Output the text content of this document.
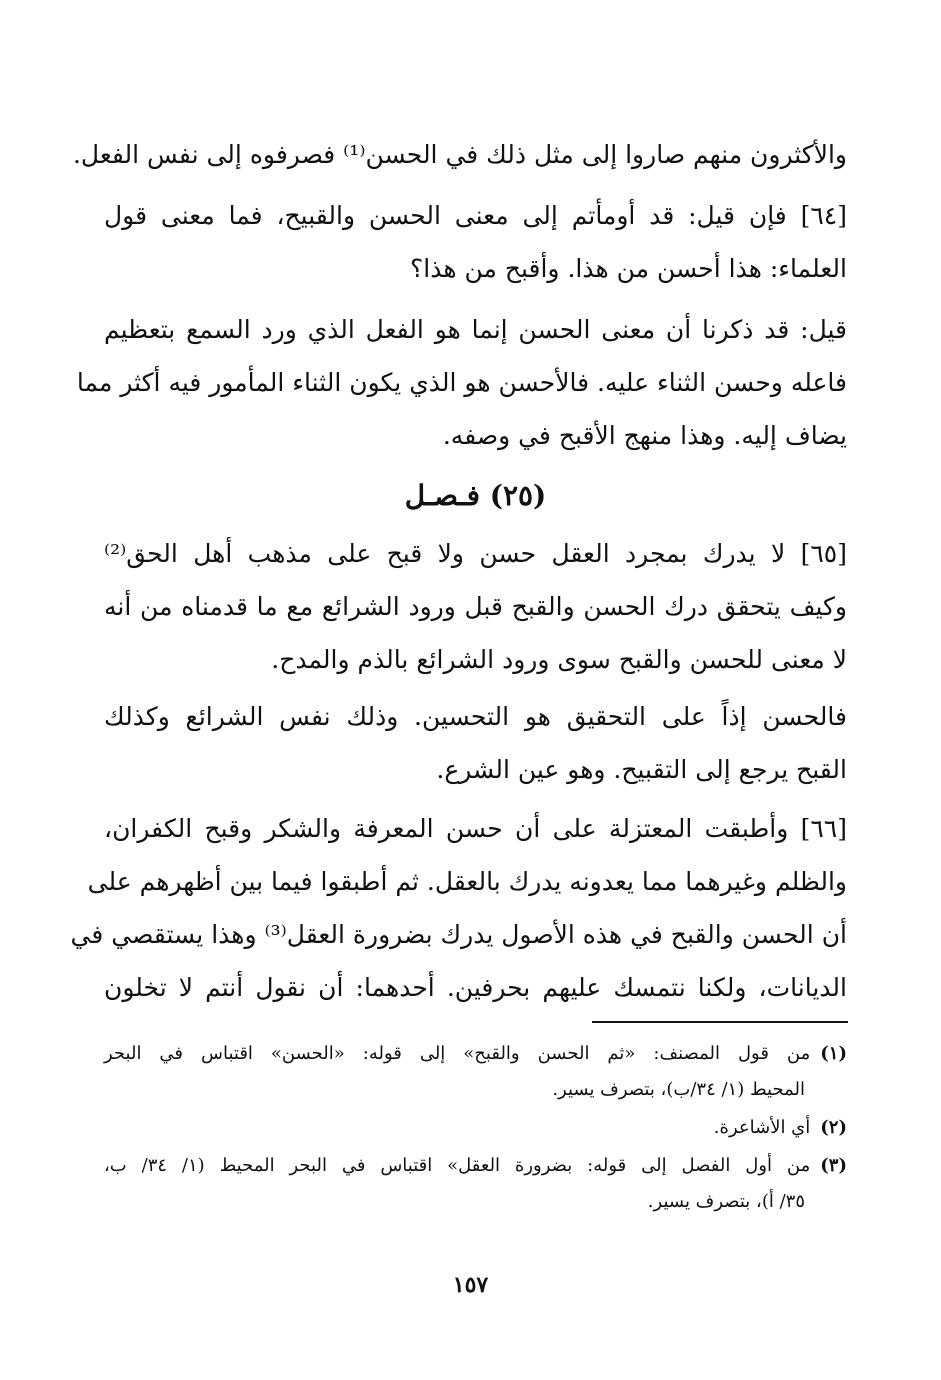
والأكثرون منهم صاروا إلى مثل ذلك في الحسن⁽¹⁾ فصرفوه إلى نفس الفعل.
[٦٤] فإن قيل: قد أومأتم إلى معنى الحسن والقبيح، فما معنى قول
العلماء: هذا أحسن من هذا. وأقبح من هذا؟
قيل: قد ذكرنا أن معنى الحسن إنما هو الفعل الذي ورد السمع بتعظيم
فاعله وحسن الثناء عليه. فالأحسن هو الذي يكون الثناء المأمور فيه أكثر مما
يضاف إليه. وهذا منهج الأقبح في وصفه.
(٢٥) فـصـل
[٦٥] لا يدرك بمجرد العقل حسن ولا قبح على مذهب أهل الحق⁽²⁾
وكيف يتحقق درك الحسن والقبح قبل ورود الشرائع مع ما قدمناه من أنه
لا معنى للحسن والقبح سوى ورود الشرائع بالذم والمدح.
فالحسن إذاً على التحقيق هو التحسين. وذلك نفس الشرائع وكذلك
القبح يرجع إلى التقبيح. وهو عين الشرع.
[٦٦] وأطبقت المعتزلة على أن حسن المعرفة والشكر وقبح الكفران،
والظلم وغيرهما مما يعدونه يدرك بالعقل. ثم أطبقوا فيما بين أظهرهم على
أن الحسن والقبح في هذه الأصول يدرك بضرورة العقل⁽³⁾ وهذا يستقصي في
الديانات، ولكنا نتمسك عليهم بحرفين. أحدهما: أن نقول أنتم لا تخلون
(١)من قول المصنف: «ثم الحسن والقبح» إلى قوله: «الحسن» اقتباس في البحر
المحيط (١/ ٣٤/ب)، بتصرف يسير.
(٢)أي الأشاعرة.
(٣)من أول الفصل إلى قوله: بضرورة العقل» اقتباس في البحر المحيط (١/ ٣٤/ ب،
٣٥/ أ)، بتصرف يسير.
١٥٧
